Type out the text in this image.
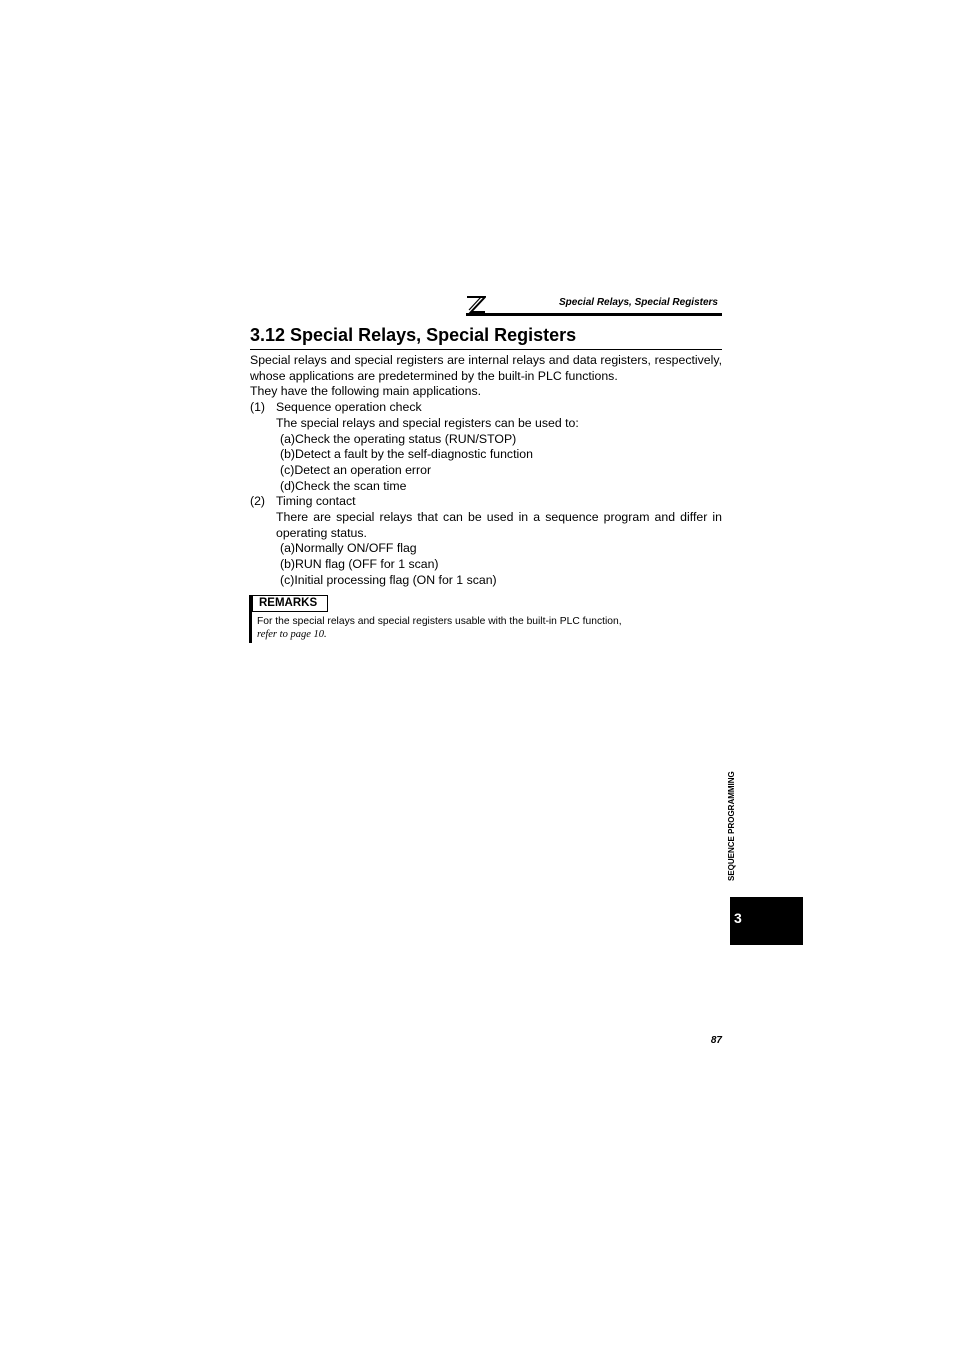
Special Relays, Special Registers
3.12 Special Relays, Special Registers

Special relays and special registers are internal relays and data registers, respectively, whose applications are predetermined by the built-in PLC functions.

They have the following main applications.

(1) Sequence operation check

The special relays and special registers can be used to:

(a)Check the operating status (RUN/STOP)

(b)Detect a fault by the self-diagnostic function

(c)Detect an operation error

(d)Check the scan time

(2) Timing contact

There are special relays that can be used in a sequence program and differ in operating status.

(a)Normally ON/OFF flag

(b)RUN flag (OFF for 1 scan)

(c)Initial processing flag (ON for 1 scan)

REMARKS
For the special relays and special registers usable with the built-in PLC function,
refer to page 10.
SEQUENCE PROGRAMMING
3
87
